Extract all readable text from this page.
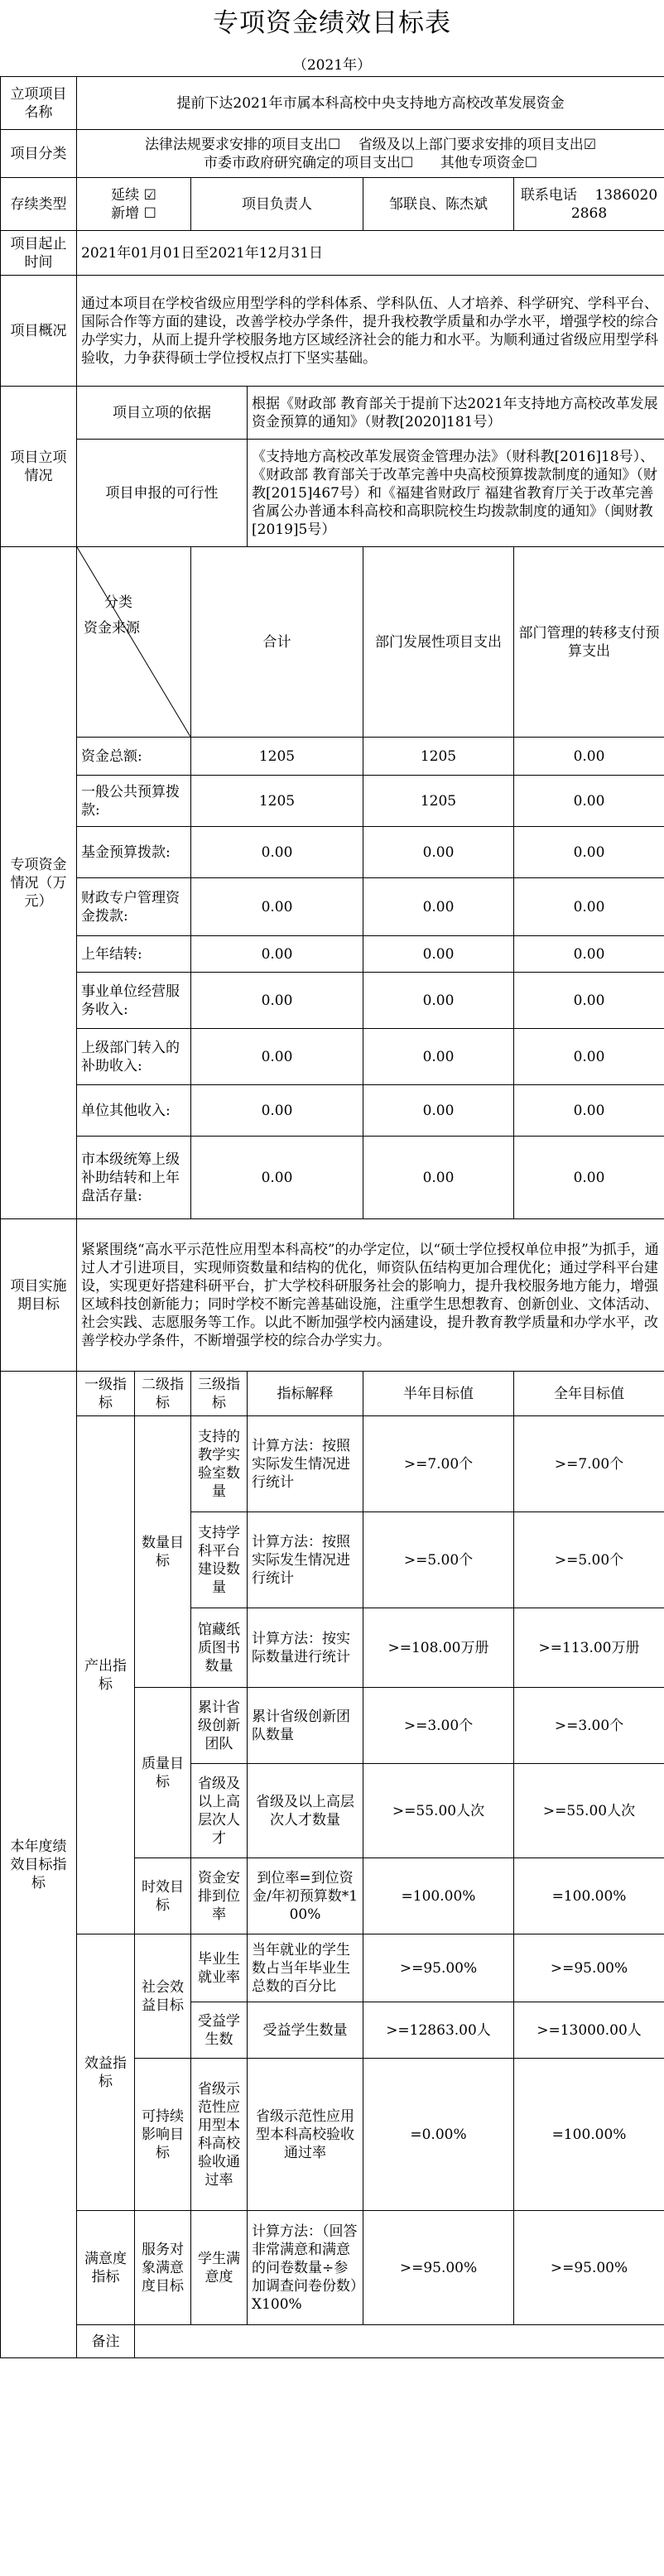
专项资金绩效目标表
（2021年）
立项项目名称	提前下达2021年市属本科高校中央支持地方高校改革发展资金					
项目分类	法律法规要求安排的项目支出☐ 省级及以上部门要求安排的项目支出☑
市委市政府研究确定的项目支出☐ 其他专项资金☐					

存续类型	延续 ☑
新增 ☐		项目负责人		邹联良、陈杰斌	联系电话 13860202868
项目起止时间	2021年01月01日至2021年12月31日					
项目概况	通过本项目在学校省级应用型学科的学科体系、学科队伍、人才培养、科学研究、学科平台、国际合作等方面的建设，改善学校办学条件，提升我校教学质量和办学水平，增强学校的综合办学实力，从而上提升学校服务地方区域经济社会的能力和水平。为顺利通过省级应用型学科验收，力争获得硕士学位授权点打下坚实基础。					
项目立项情况	项目立项的依据			根据《财政部 教育部关于提前下达2021年支持地方高校改革发展资金预算的通知》（财教[2020]181号）		
	项目申报的可行性			《支持地方高校改革发展资金管理办法》（财科教[2016]18号）、《财政部 教育部关于改革完善中央高校预算拨款制度的通知》（财教[2015]467号）和《福建省财政厅 福建省教育厅关于改革完善省属公办普通本科高校和高职院校生均拨款制度的通知》（闽财教[2019]5号）		
专项资金情况（万元）	分类
资金来源		合计		部门发展性项目支出	部门管理的转移支付预算支出
	资金总额:		1205		1205	0.00
	一般公共预算拨款:		1205		1205	0.00
	基金预算拨款:		0.00		0.00	0.00
	财政专户管理资金拨款:		0.00		0.00	0.00
	上年结转:		0.00		0.00	0.00
	事业单位经营服务收入:		0.00		0.00	0.00
	上级部门转入的补助收入:		0.00		0.00	0.00
	单位其他收入:		0.00		0.00	0.00
	市本级统筹上级补助结转和上年盘活存量:		0.00		0.00	0.00
项目实施期目标	紧紧围绕“高水平示范性应用型本科高校”的办学定位，以“硕士学位授权单位申报”为抓手，通过人才引进项目，实现师资数量和结构的优化，师资队伍结构更加合理优化；通过学科平台建设，实现更好搭建科研平台，扩大学校科研服务社会的影响力，提升我校服务地方能力，增强区域科技创新能力；同时学校不断完善基础设施，注重学生思想教育、创新创业、文体活动、社会实践、志愿服务等工作。以此不断加强学校内涵建设，提升教育教学质量和办学水平，改善学校办学条件，不断增强学校的综合办学实力。					
本年度绩效目标指标	一级指标	二级指标	三级指标	指标解释	半年目标值	全年目标值
	产出指标	数量目标	支持的教学实验室数量	计算方法：按照实际发生情况进行统计	>=7.00个	>=7.00个
			支持学科平台建设数量	计算方法：按照实际发生情况进行统计	>=5.00个	>=5.00个
			馆藏纸质图书数量	计算方法：按实际数量进行统计	>=108.00万册	>=113.00万册
		质量目标	累计省级创新团队	累计省级创新团队数量	>=3.00个	>=3.00个
			省级及以上高层次人才	省级及以上高层次人才数量	>=55.00人次	>=55.00人次
		时效目标	资金安排到位率	到位率=到位资金/年初预算数*100%	=100.00%	=100.00%
	效益指标	社会效益目标	毕业生就业率	当年就业的学生数占当年毕业生总数的百分比	>=95.00%	>=95.00%
			受益学生数	受益学生数量	>=12863.00人	>=13000.00人
		可持续影响目标	省级示范性应用型本科高校验收通过率	省级示范性应用型本科高校验收通过率	=0.00%	=100.00%
	满意度指标	服务对象满意度目标	学生满意度	计算方法：（回答非常满意和满意的问卷数量÷参加调查问卷份数）X100%	>=95.00%	>=95.00%
	备注					
